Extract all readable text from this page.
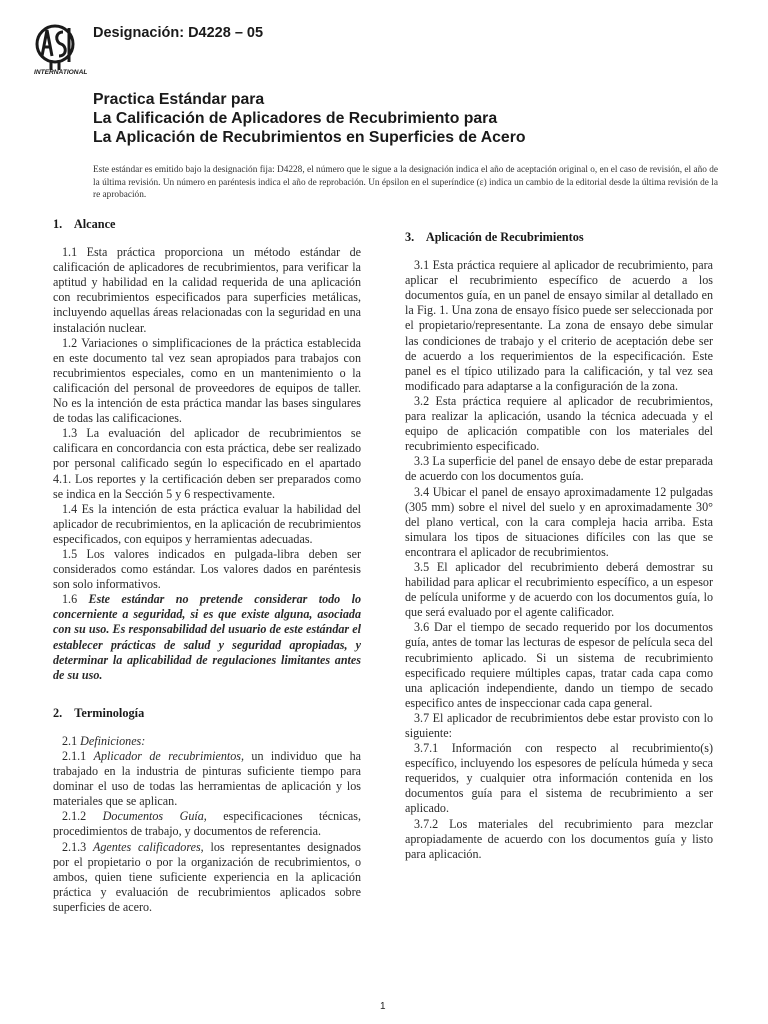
INTERNATIONAL
Designación: D4228 – 05
Practica Estándar para
La Calificación de Aplicadores de Recubrimiento para
La Aplicación de Recubrimientos en Superficies de Acero
Este estándar es emitido bajo la designación fija: D4228, el número que le sigue a la designación indica el año de aceptación original o, en el caso de revisión, el año de la última revisión. Un número en paréntesis indica el año de reprobación. Un épsilon en el superíndice (ε) indica un cambio de la editorial desde la última revisión de la re aprobación.
1.    Alcance

1.1 Esta práctica proporciona un método estándar de calificación de aplicadores de recubrimientos, para verificar la aptitud y habilidad en la calidad requerida de una aplicación con recubrimientos especificados para superficies metálicas, incluyendo aquellas áreas relacionadas con la seguridad en una instalación nuclear.

1.2 Variaciones o simplificaciones de la práctica establecida en este documento tal vez sean apropiados para trabajos con recubrimientos especiales, como en un mantenimiento o la calificación del personal de proveedores de equipos de taller. No es la intención de esta práctica mandar las bases singulares de todas las calificaciones.

1.3 La evaluación del aplicador de recubrimientos se calificara en concordancia con esta práctica, debe ser realizado por personal calificado según lo especificado en el apartado 4.1. Los reportes y la certificación deben ser preparados como se indica en la Sección 5 y 6 respectivamente.

1.4 Es la intención de esta práctica evaluar la habilidad del aplicador de recubrimientos, en la aplicación de recubrimientos especificados, con equipos y herramientas adecuadas.

1.5 Los valores indicados en pulgada-libra deben ser considerados como estándar. Los valores dados en paréntesis son solo informativos.

1.6 Este estándar no pretende considerar todo lo concerniente a seguridad, si es que existe alguna, asociada con su uso. Es responsabilidad del usuario de este estándar el establecer prácticas de salud y seguridad apropiadas, y determinar la aplicabilidad de regulaciones limitantes antes de su uso.

2.    Terminología

2.1 Definiciones:

2.1.1 Aplicador de recubrimientos, un individuo que ha trabajado en la industria de pinturas suficiente tiempo para dominar el uso de todas las herramientas de aplicación y los materiales que se aplican.

2.1.2 Documentos Guía, especificaciones técnicas, procedimientos de trabajo, y documentos de referencia.

2.1.3 Agentes calificadores, los representantes designados por el propietario o por la organización de recubrimientos, o ambos, quien tiene suficiente experiencia en la aplicación práctica y evaluación de recubrimientos aplicados sobre superficies de acero.

3.    Aplicación de Recubrimientos

3.1 Esta práctica requiere al aplicador de recubrimiento, para aplicar el recubrimiento específico de acuerdo a los documentos guía, en un panel de ensayo similar al detallado en la Fig. 1. Una zona de ensayo físico puede ser seleccionada por el propietario/representante. La zona de ensayo debe simular las condiciones de trabajo y el criterio de aceptación debe ser de acuerdo a los requerimientos de la especificación. Este panel es el típico utilizado para la calificación, y tal vez sea modificado para adaptarse a la configuración de la zona.

3.2 Esta práctica requiere al aplicador de recubrimientos, para realizar la aplicación, usando la técnica adecuada y el equipo de aplicación compatible con los materiales del recubrimiento especificado.

3.3 La superficie del panel de ensayo debe de estar preparada de acuerdo con los documentos guía.

3.4 Ubicar el panel de ensayo aproximadamente 12 pulgadas (305 mm) sobre el nivel del suelo y en aproximadamente 30° del plano vertical, con la cara compleja hacia arriba. Esta simulara los tipos de situaciones difíciles con las que se encontrara el aplicador de recubrimientos.

3.5 El aplicador del recubrimiento deberá demostrar su habilidad para aplicar el recubrimiento específico, a un espesor de película uniforme y de acuerdo con los documentos guía, lo que será evaluado por el agente calificador.

3.6 Dar el tiempo de secado requerido por los documentos guía, antes de tomar las lecturas de espesor de película seca del recubrimiento aplicado. Si un sistema de recubrimiento especificado requiere múltiples capas, tratar cada capa como una aplicación independiente, dando un tiempo de secado especifico antes de inspeccionar cada capa general.

3.7 El aplicador de recubrimientos debe estar provisto con lo siguiente:

3.7.1 Información con respecto al recubrimiento(s) específico, incluyendo los espesores de película húmeda y seca requeridos, y cualquier otra información contenida en los documentos guía para el sistema de recubrimiento a ser aplicado.

3.7.2 Los materiales del recubrimiento para mezclar apropiadamente de acuerdo con los documentos guía y listo para aplicación.

1
